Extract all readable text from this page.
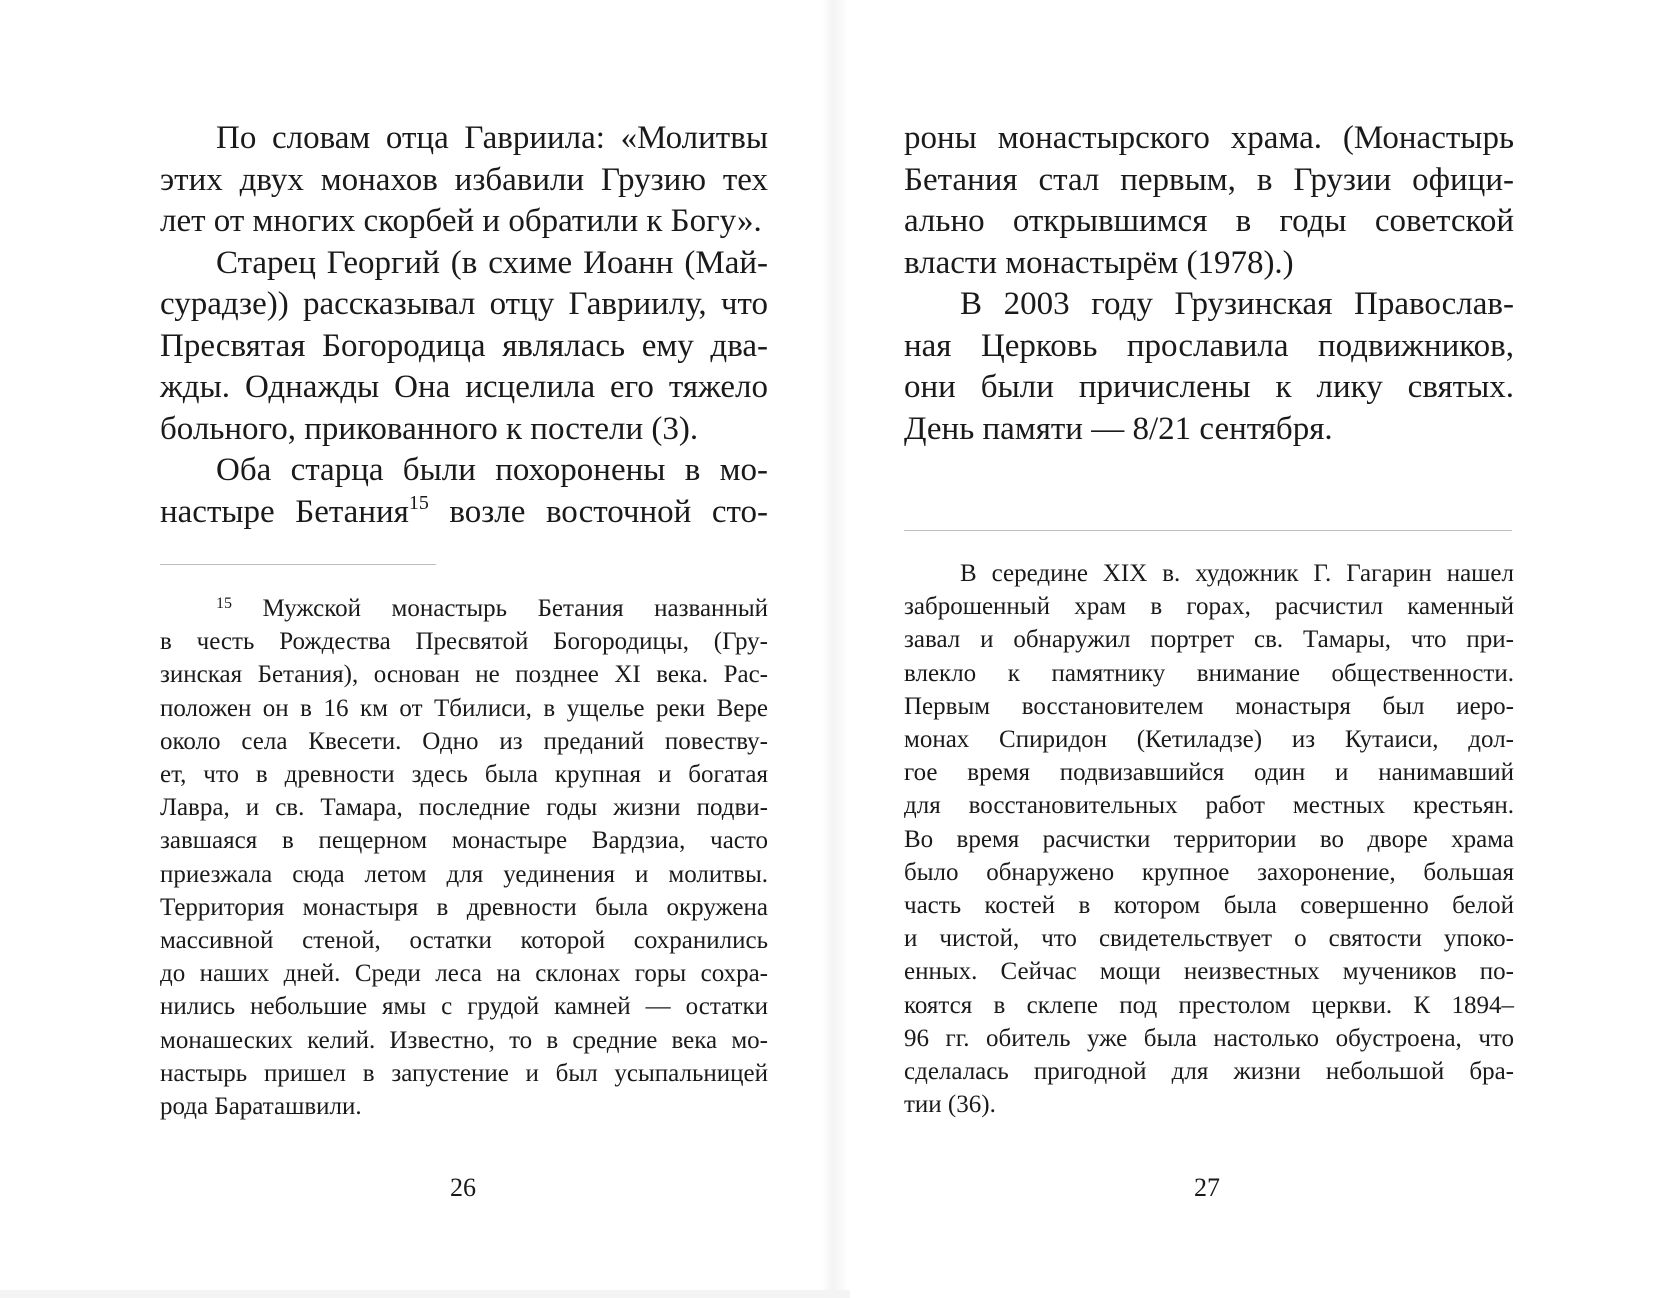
По словам отца Гавриила: «Молитвы
этих двух монахов избавили Грузию тех
лет от многих скорбей и обратили к Богу».

Старец Георгий (в схиме Иоанн (Май-
сурадзе)) рассказывал отцу Гавриилу, что
Пресвятая Богородица являлась ему два-
жды. Однажды Она исцелила его тяжело
больного, прикованного к постели (3).

Оба старца были похоронены в мо-
настыре Бетания$^{15}$ возле восточной сто-

$^{15}$ Мужской монастырь Бетания названный
в честь Рождества Пресвятой Богородицы, (Гру-
зинская Бетания), основан не позднее XI века. Рас-
положен он в 16 км от Тбилиси, в ущелье реки Вере
около села Квесети. Одно из преданий повеству-
ет, что в древности здесь была крупная и богатая
Лавра, и св. Тамара, последние годы жизни подви-
завшаяся в пещерном монастыре Вардзиа, часто
приезжала сюда летом для уединения и молитвы.
Территория монастыря в древности была окружена
массивной стеной, остатки которой сохранились
до наших дней. Среди леса на склонах горы сохра-
нились небольшие ямы с грудой камней — остатки
монашеских келий. Известно, то в средние века мо-
настырь пришел в запустение и был усыпальницей
рода Бараташвили.
26

роны монастырского храма. (Монастырь
Бетания стал первым, в Грузии офици-
ально открывшимся в годы советской
власти монастырём (1978).)

В 2003 году Грузинская Православ-
ная Церковь прославила подвижников,
они были причислены к лику святых.
День памяти — 8/21 сентября.

В середине XIX в. художник Г. Гагарин нашел
заброшенный храм в горах, расчистил каменный
завал и обнаружил портрет св. Тамары, что при-
влекло к памятнику внимание общественности.
Первым восстановителем монастыря был иеро-
монах Спиридон (Кетиладзе) из Кутаиси, дол-
гое время подвизавшийся один и нанимавший
для восстановительных работ местных крестьян.
Во время расчистки территории во дворе храма
было обнаружено крупное захоронение, большая
часть костей в котором была совершенно белой
и чистой, что свидетельствует о святости упоко-
енных. Сейчас мощи неизвестных мучеников по-
коятся в склепе под престолом церкви. К 1894–
96 гг. обитель уже была настолько обустроена, что
сделалась пригодной для жизни небольшой бра-
тии (36).
27
